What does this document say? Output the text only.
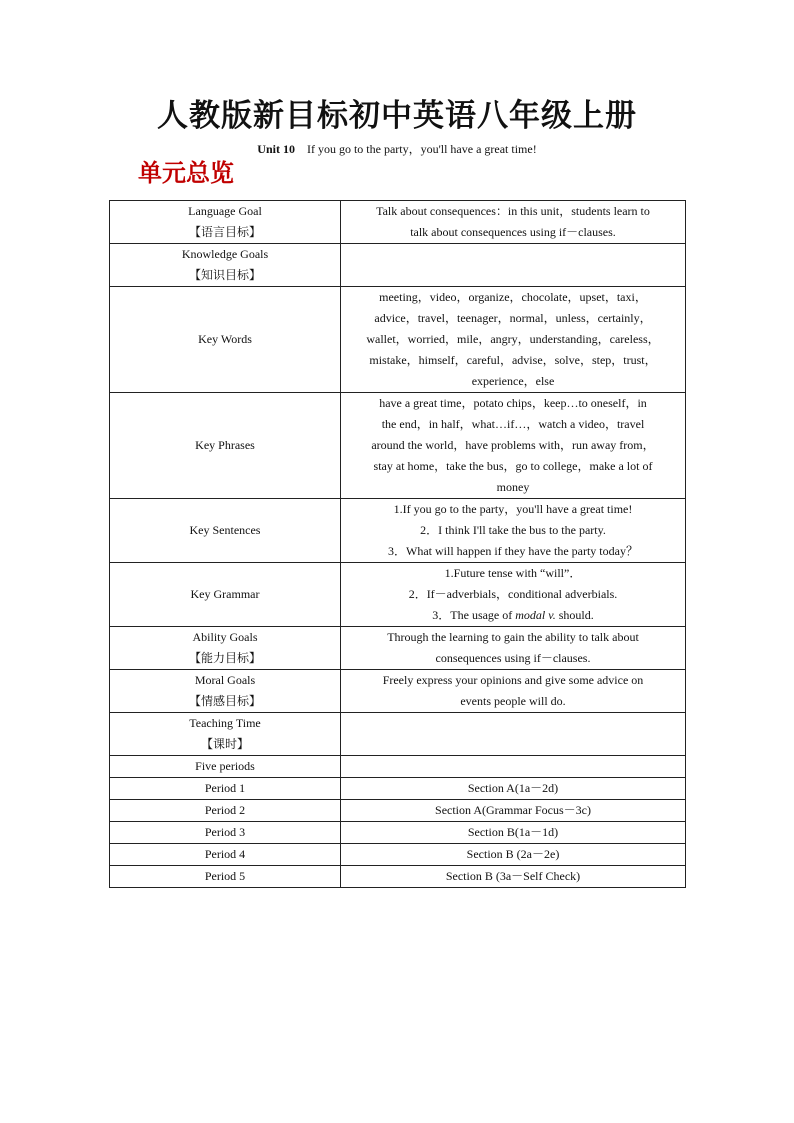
人教版新目标初中英语八年级上册
Unit 10 If you go to the party，you'll have a great time!
单元总览
Language Goal
【语言目标】	Talk about consequences：in this unit，students learn to
talk about consequences using if－clauses.

Knowledge Goals
【知识目标】	

Key Words	meeting，video，organize，chocolate，upset，taxi，
advice，travel，teenager，normal，unless，certainly，
wallet，worried，mile，angry，understanding，careless，
mistake，himself，careful，advise，solve，step，trust，
experience，else

Key Phrases	have a great time，potato chips，keep…to oneself，in
the end，in half，what…if…，watch a video，travel
around the world，have problems with，run away from，
stay at home，take the bus，go to college，make a lot of
money

Key Sentences	1.If you go to the party，you'll have a great time!
2．I think I'll take the bus to the party.
3．What will happen if they have the party today？

Key Grammar	1.Future tense with “will”．
2．If－adverbials，conditional adverbials.
3．The usage of modal v. should.

Ability Goals
【能力目标】	Through the learning to gain the ability to talk about
consequences using if－clauses.

Moral Goals
【情感目标】	Freely express your opinions and give some advice on
events people will do.

Teaching Time
【课时】	

Five periods	
Period 1	Section A(1a－2d)
Period 2	Section A(Grammar Focus－3c)
Period 3	Section B(1a－1d)
Period 4	Section B (2a－2e)
Period 5	Section B (3a－Self Check)
